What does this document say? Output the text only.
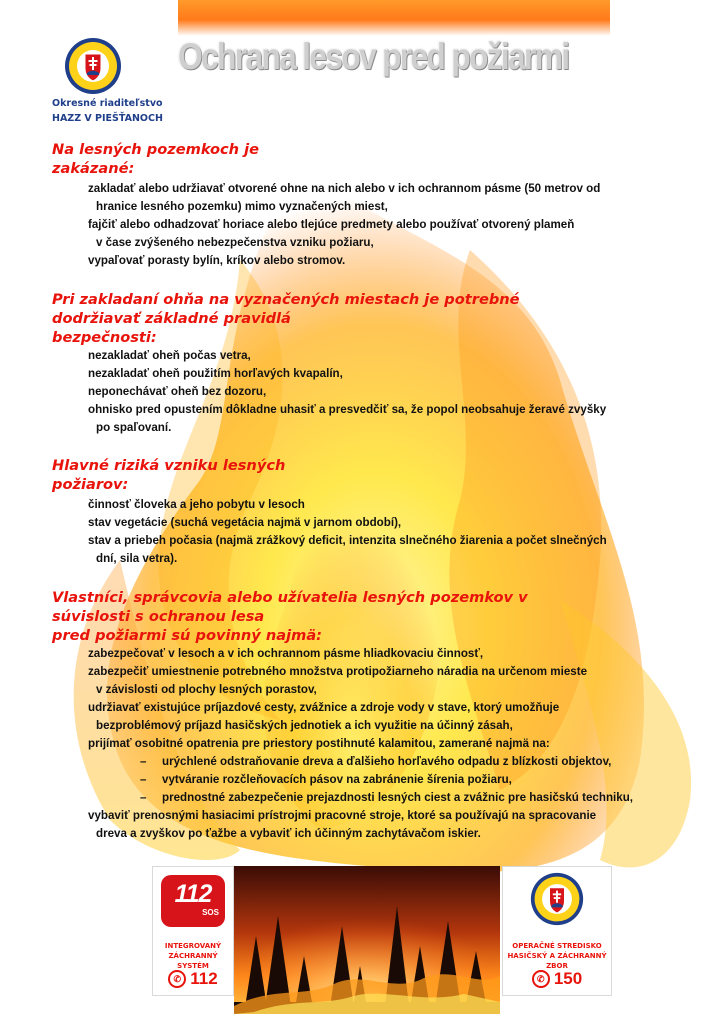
Ochrana lesov pred požiarmi
Okresné riaditeľstvo
HAZZ V PIEŠŤANOCH
Na lesných pozemkoch je
zakázané:
zakladať alebo udržiavať otvorené ohne na nich alebo v ich ochrannom pásme (50 metrov od
hranice lesného pozemku) mimo vyznačených miest,
fajčiť alebo odhadzovať horiace alebo tlejúce predmety alebo používať otvorený plameň
v čase zvýšeného nebezpečenstva vzniku požiaru,
vypaľovať porasty bylín, kríkov alebo stromov.
Pri zakladaní ohňa na vyznačených miestach je potrebné
dodržiavať základné pravidlá
bezpečnosti:
nezakladať oheň počas vetra,
nezakladať oheň použitím horľavých kvapalín,
neponechávať oheň bez dozoru,
ohnisko pred opustením dôkladne uhasiť a presvedčiť sa, že popol neobsahuje žeravé zvyšky
po spaľovaní.
Hlavné riziká vzniku lesných
požiarov:
činnosť človeka a jeho pobytu v lesoch
stav vegetácie (suchá vegetácia najmä v jarnom období),
stav a priebeh počasia (najmä zrážkový deficit, intenzita slnečného žiarenia a počet slnečných
dní, sila vetra).
Vlastníci, správcovia alebo užívatelia lesných pozemkov v
súvislosti s ochranou lesa
pred požiarmi sú povinný najmä:
zabezpečovať v lesoch a v ich ochrannom pásme hliadkovaciu činnosť,
zabezpečiť umiestnenie potrebného množstva protipožiarneho náradia na určenom mieste
v závislosti od plochy lesných porastov,
udržiavať existujúce príjazdové cesty, zvážnice a zdroje vody v stave, ktorý umožňuje
bezproblémový príjazd hasičských jednotiek a ich využitie na účinný zásah,
prijímať osobitné opatrenia pre priestory postihnuté kalamitou, zamerané najmä na:
– urýchlené odstraňovanie dreva a ďalšieho horľavého odpadu z blízkosti objektov,
– vytváranie rozčleňovacích pásov na zabránenie šírenia požiaru,
– prednostné zabezpečenie prejazdnosti lesných ciest a zvážnic pre hasičskú techniku,
vybaviť prenosnými hasiacimi prístrojmi pracovné stroje, ktoré sa používajú na spracovanie
dreva a zvyškov po ťažbe a vybaviť ich účinným zachytávačom iskier.
112
SOS
INTEGROVANÝ
ZÁCHRANNÝ SYSTÉM
✆ 112
OPERAČNÉ STREDISKO
HASIČSKÝ A ZÁCHRANNÝ ZBOR
✆ 150
